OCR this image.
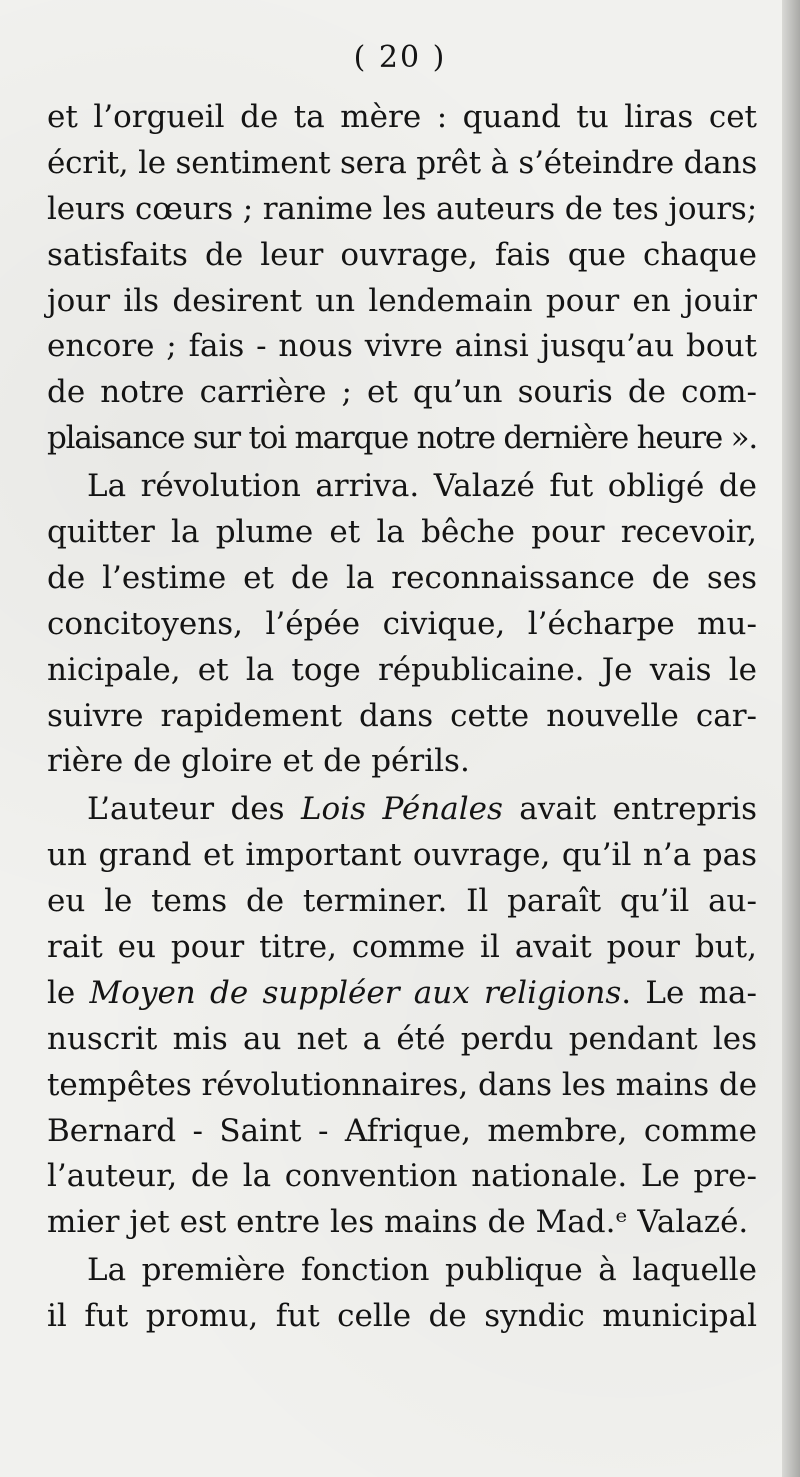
( 20 )
et l’orgueil de ta mère : quand tu liras cet
écrit, le sentiment sera prêt à s’éteindre dans
leurs cœurs ; ranime les auteurs de tes jours;
satisfaits de leur ouvrage, fais que chaque
jour ils desirent un lendemain pour en jouir
encore ; fais - nous vivre ainsi jusqu’au bout
de notre carrière ; et qu’un souris de com-
plaisance sur toi marque notre dernière heure ».
La révolution arriva. Valazé fut obligé de
quitter la plume et la bêche pour recevoir,
de l’estime et de la reconnaissance de ses
concitoyens, l’épée civique, l’écharpe mu-
nicipale, et la toge républicaine. Je vais le
suivre rapidement dans cette nouvelle car-
rière de gloire et de périls.
L’auteur des Lois Pénales avait entrepris
un grand et important ouvrage, qu’il n’a pas
eu le tems de terminer. Il paraît qu’il au-
rait eu pour titre, comme il avait pour but,
le Moyen de suppléer aux religions. Le ma-
nuscrit mis au net a été perdu pendant les
tempêtes révolutionnaires, dans les mains de
Bernard - Saint - Afrique, membre, comme
l’auteur, de la convention nationale. Le pre-
mier jet est entre les mains de Mad.ᵉ Valazé.
La première fonction publique à laquelle
il fut promu, fut celle de syndic municipal
